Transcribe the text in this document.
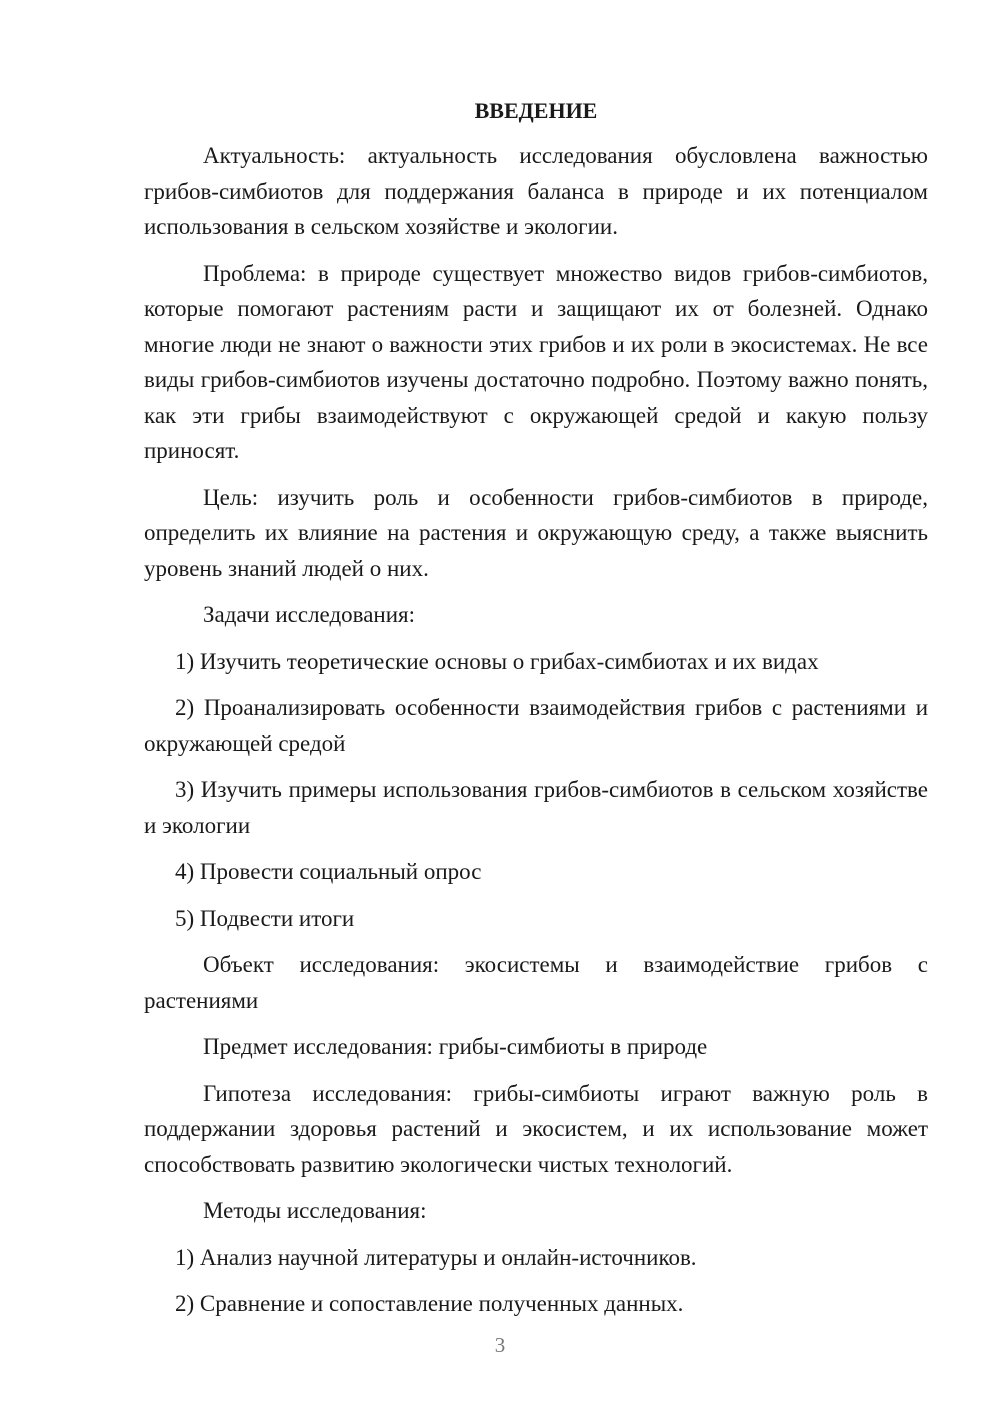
ВВЕДЕНИЕ

Актуальность: актуальность исследования обусловлена важностью грибов-симбиотов для поддержания баланса в природе и их потенциалом использования в сельском хозяйстве и экологии.

Проблема: в природе существует множество видов грибов-симбиотов, которые помогают растениям расти и защищают их от болезней. Однако многие люди не знают о важности этих грибов и их роли в экосистемах. Не все виды грибов-симбиотов изучены достаточно подробно. Поэтому важно понять, как эти грибы взаимодействуют с окружающей средой и какую пользу приносят.

Цель: изучить роль и особенности грибов-симбиотов в природе, определить их влияние на растения и окружающую среду, а также выяснить уровень знаний людей о них.

Задачи исследования:

1) Изучить теоретические основы о грибах-симбиотах и их видах

2) Проанализировать особенности взаимодействия грибов с растениями и окружающей средой

3) Изучить примеры использования грибов-симбиотов в сельском хозяйстве и экологии

4) Провести социальный опрос

5) Подвести итоги

Объект исследования: экосистемы и взаимодействие грибов с растениями

Предмет исследования: грибы-симбиоты в природе

Гипотеза исследования: грибы-симбиоты играют важную роль в поддержании здоровья растений и экосистем, и их использование может способствовать развитию экологически чистых технологий.

Методы исследования:

1) Анализ научной литературы и онлайн-источников.

2) Сравнение и сопоставление полученных данных.

3
